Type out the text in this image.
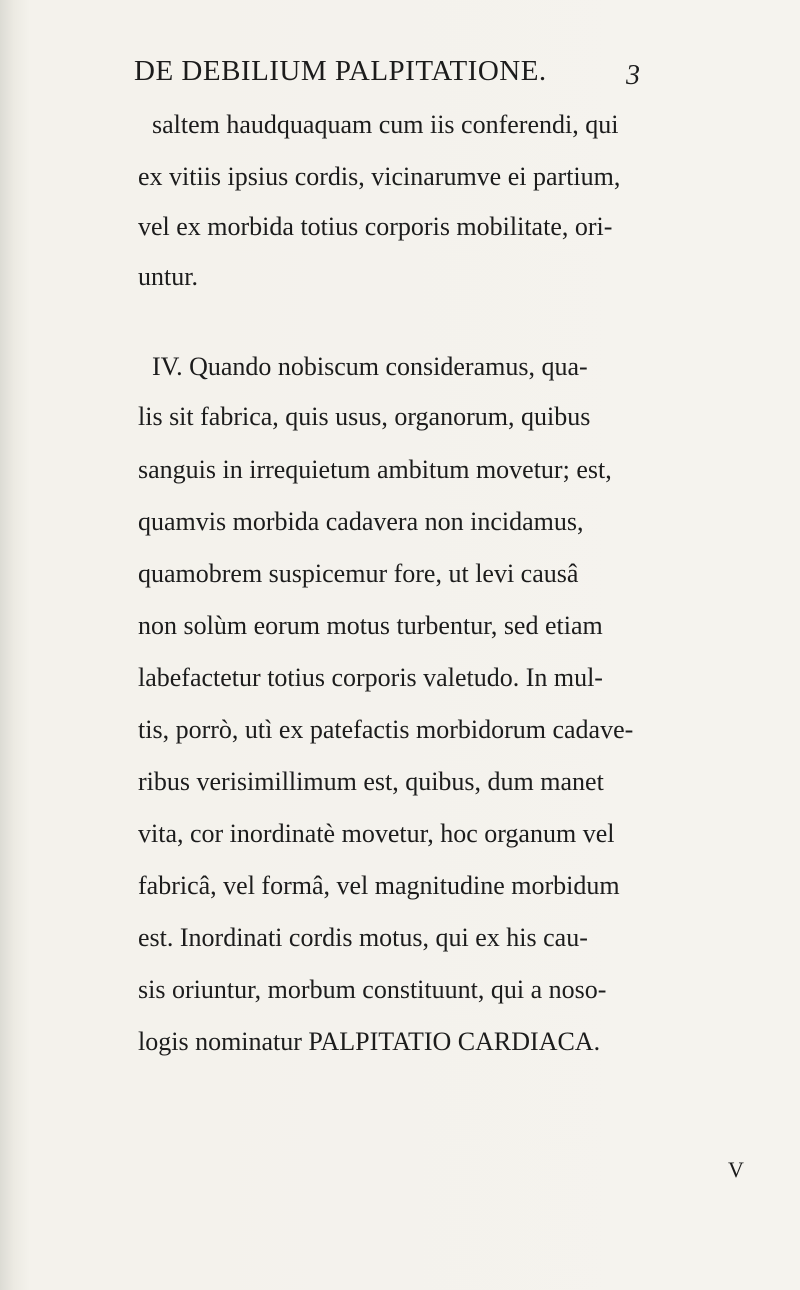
DE DEBILIUM PALPITATIONE.	3
saltem haudquaquam cum iis conferendi, qui
ex vitiis ipsius cordis, vicinarumve ei partium,
vel ex morbida totius corporis mobilitate, ori-
untur.
IV. Quando nobiscum consideramus, qua-
lis sit fabrica, quis usus, organorum, quibus
sanguis in irrequietum ambitum movetur; est,
quamvis morbida cadavera non incidamus,
quamobrem suspicemur fore, ut levi causâ
non solùm eorum motus turbentur, sed etiam
labefactetur totius corporis valetudo. In mul-
tis, porrò, utì ex patefactis morbidorum cadave-
ribus verisimillimum est, quibus, dum manet
vita, cor inordinatè movetur, hoc organum vel
fabricâ, vel formâ, vel magnitudine morbidum
est. Inordinati cordis motus, qui ex his cau-
sis oriuntur, morbum constituunt, qui a noso-
logis nominatur PALPITATIO CARDIACA.
V
